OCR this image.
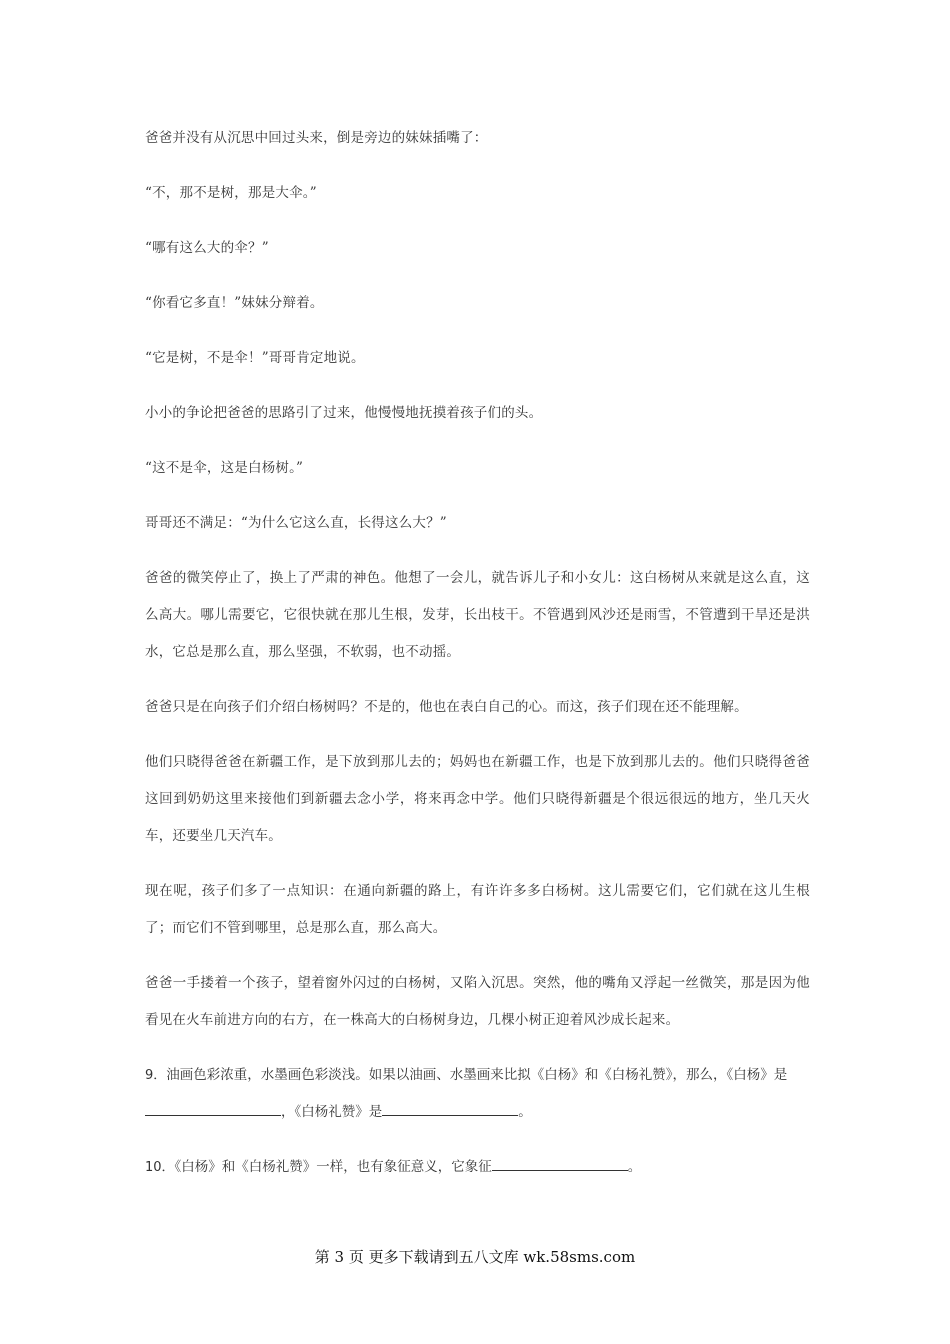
爸爸并没有从沉思中回过头来，倒是旁边的妹妹插嘴了：

“不，那不是树，那是大伞。”

“哪有这么大的伞？”

“你看它多直！”妹妹分辩着。

“它是树，不是伞！”哥哥肯定地说。

小小的争论把爸爸的思路引了过来，他慢慢地抚摸着孩子们的头。

“这不是伞，这是白杨树。”

哥哥还不满足：“为什么它这么直，长得这么大？”

爸爸的微笑停止了，换上了严肃的神色。他想了一会儿，就告诉儿子和小女儿：这白杨树从来就是这么直，这么高大。哪儿需要它，它很快就在那儿生根，发芽，长出枝干。不管遇到风沙还是雨雪，不管遭到干旱还是洪水，它总是那么直，那么坚强，不软弱，也不动摇。

爸爸只是在向孩子们介绍白杨树吗？不是的，他也在表白自己的心。而这，孩子们现在还不能理解。

他们只晓得爸爸在新疆工作，是下放到那儿去的；妈妈也在新疆工作，也是下放到那儿去的。他们只晓得爸爸这回到奶奶这里来接他们到新疆去念小学，将来再念中学。他们只晓得新疆是个很远很远的地方，坐几天火车，还要坐几天汽车。

现在呢，孩子们多了一点知识：在通向新疆的路上，有许许多多白杨树。这儿需要它们，它们就在这儿生根了；而它们不管到哪里，总是那么直，那么高大。

爸爸一手搂着一个孩子，望着窗外闪过的白杨树，又陷入沉思。突然，他的嘴角又浮起一丝微笑，那是因为他看见在火车前进方向的右方，在一株高大的白杨树身边，几棵小树正迎着风沙成长起来。

9．油画色彩浓重，水墨画色彩淡浅。如果以油画、水墨画来比拟《白杨》和《白杨礼赞》，那么，《白杨》是，《白杨礼赞》是	。

10．《白杨》和《白杨礼赞》一样，也有象征意义，它象征	。

第 3 页 更多下载请到五八文库 wk.58sms.com
